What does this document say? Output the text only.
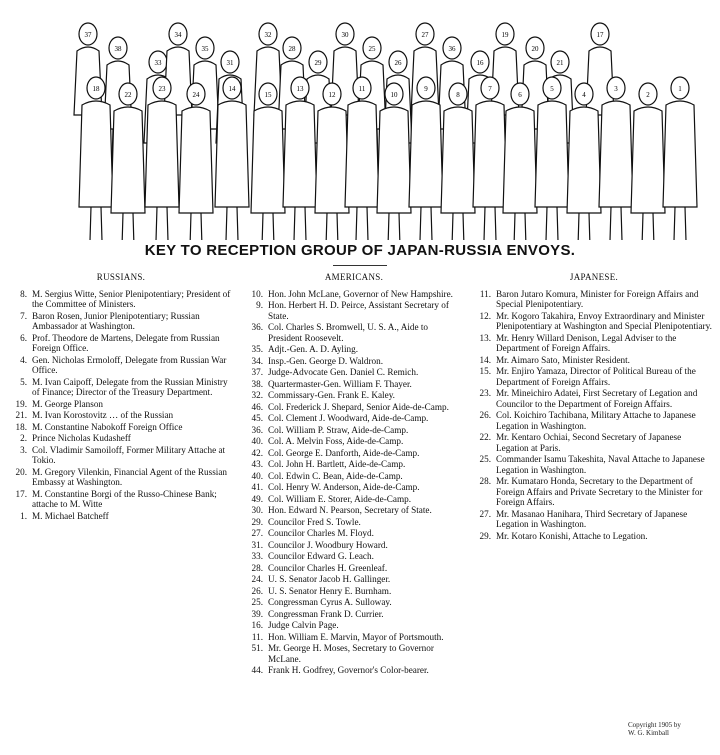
37
38
33
34
35
31
32
28
29
30
25
26
27
36
16
19
20
21
17
18
22
23
24
14
15
13
12
11
10
9
8
7
6
5
4
3
2
1
KEY TO RECEPTION GROUP OF JAPAN-RUSSIA ENVOYS.
RUSSIANS.
8. M. Sergius Witte, Senior Plenipotentiary; President of the Committee of Ministers.
7. Baron Rosen, Junior Plenipotentiary; Russian Ambassador at Washington.
6. Prof. Theodore de Martens, Delegate from Russian Foreign Office.
4. Gen. Nicholas Ermoloff, Delegate from Russian War Office.
5. M. Ivan Caipoff, Delegate from the Russian Ministry of Finance; Director of the Treasury Department.
19. M. George Planson
21. M. Ivan Korostovitz … of the Russian
18. M. Constantine Nabokoff Foreign Office
2. Prince Nicholas Kudasheff
3. Col. Vladimir Samoiloff, Former Military Attache at Tokio.
20. M. Gregory Vilenkin, Financial Agent of the Russian Embassy at Washington.
17. M. Constantine Borgi of the Russo-Chinese Bank; attache to M. Witte
1. M. Michael Batcheff
AMERICANS.
10. Hon. John McLane, Governor of New Hampshire.
9. Hon. Herbert H. D. Peirce, Assistant Secretary of State.
36. Col. Charles S. Bromwell, U. S. A., Aide to President Roosevelt.
35. Adjt.-Gen. A. D. Ayling.
34. Insp.-Gen. George D. Waldron.
37. Judge-Advocate Gen. Daniel C. Remich.
38. Quartermaster-Gen. William F. Thayer.
32. Commissary-Gen. Frank E. Kaley.
46. Col. Frederick J. Shepard, Senior Aide-de-Camp.
45. Col. Clement J. Woodward, Aide-de-Camp.
36. Col. William P. Straw, Aide-de-Camp.
40. Col. A. Melvin Foss, Aide-de-Camp.
42. Col. George E. Danforth, Aide-de-Camp.
43. Col. John H. Bartlett, Aide-de-Camp.
40. Col. Edwin C. Bean, Aide-de-Camp.
41. Col. Henry W. Anderson, Aide-de-Camp.
49. Col. William E. Storer, Aide-de-Camp.
30. Hon. Edward N. Pearson, Secretary of State.
29. Councilor Fred S. Towle.
27. Councilor Charles M. Floyd.
31. Councilor J. Woodbury Howard.
33. Councilor Edward G. Leach.
28. Councilor Charles H. Greenleaf.
24. U. S. Senator Jacob H. Gallinger.
26. U. S. Senator Henry E. Burnham.
25. Congressman Cyrus A. Sulloway.
39. Congressman Frank D. Currier.
16. Judge Calvin Page.
11. Hon. William E. Marvin, Mayor of Portsmouth.
51. Mr. George H. Moses, Secretary to Governor McLane.
44. Frank H. Godfrey, Governor's Color-bearer.
JAPANESE.
11. Baron Jutaro Komura, Minister for Foreign Affairs and Special Plenipotentiary.
12. Mr. Kogoro Takahira, Envoy Extraordinary and Minister Plenipotentiary at Washington and Special Plenipotentiary.
13. Mr. Henry Willard Denison, Legal Adviser to the Department of Foreign Affairs.
14. Mr. Aimaro Sato, Minister Resident.
15. Mr. Enjiro Yamaza, Director of Political Bureau of the Department of Foreign Affairs.
23. Mr. Mineichiro Adatei, First Secretary of Legation and Councilor to the Department of Foreign Affairs.
26. Col. Koichiro Tachibana, Military Attache to Japanese Legation in Washington.
22. Mr. Kentaro Ochiai, Second Secretary of Japanese Legation at Paris.
25. Commander Isamu Takeshita, Naval Attache to Japanese Legation in Washington.
28. Mr. Kumataro Honda, Secretary to the Department of Foreign Affairs and Private Secretary to the Minister for Foreign Affairs.
27. Mr. Masanao Hanihara, Third Secretary of Japanese Legation in Washington.
29. Mr. Kotaro Konishi, Attache to Legation.
Copyright 1905 by
W. G. Kimball
